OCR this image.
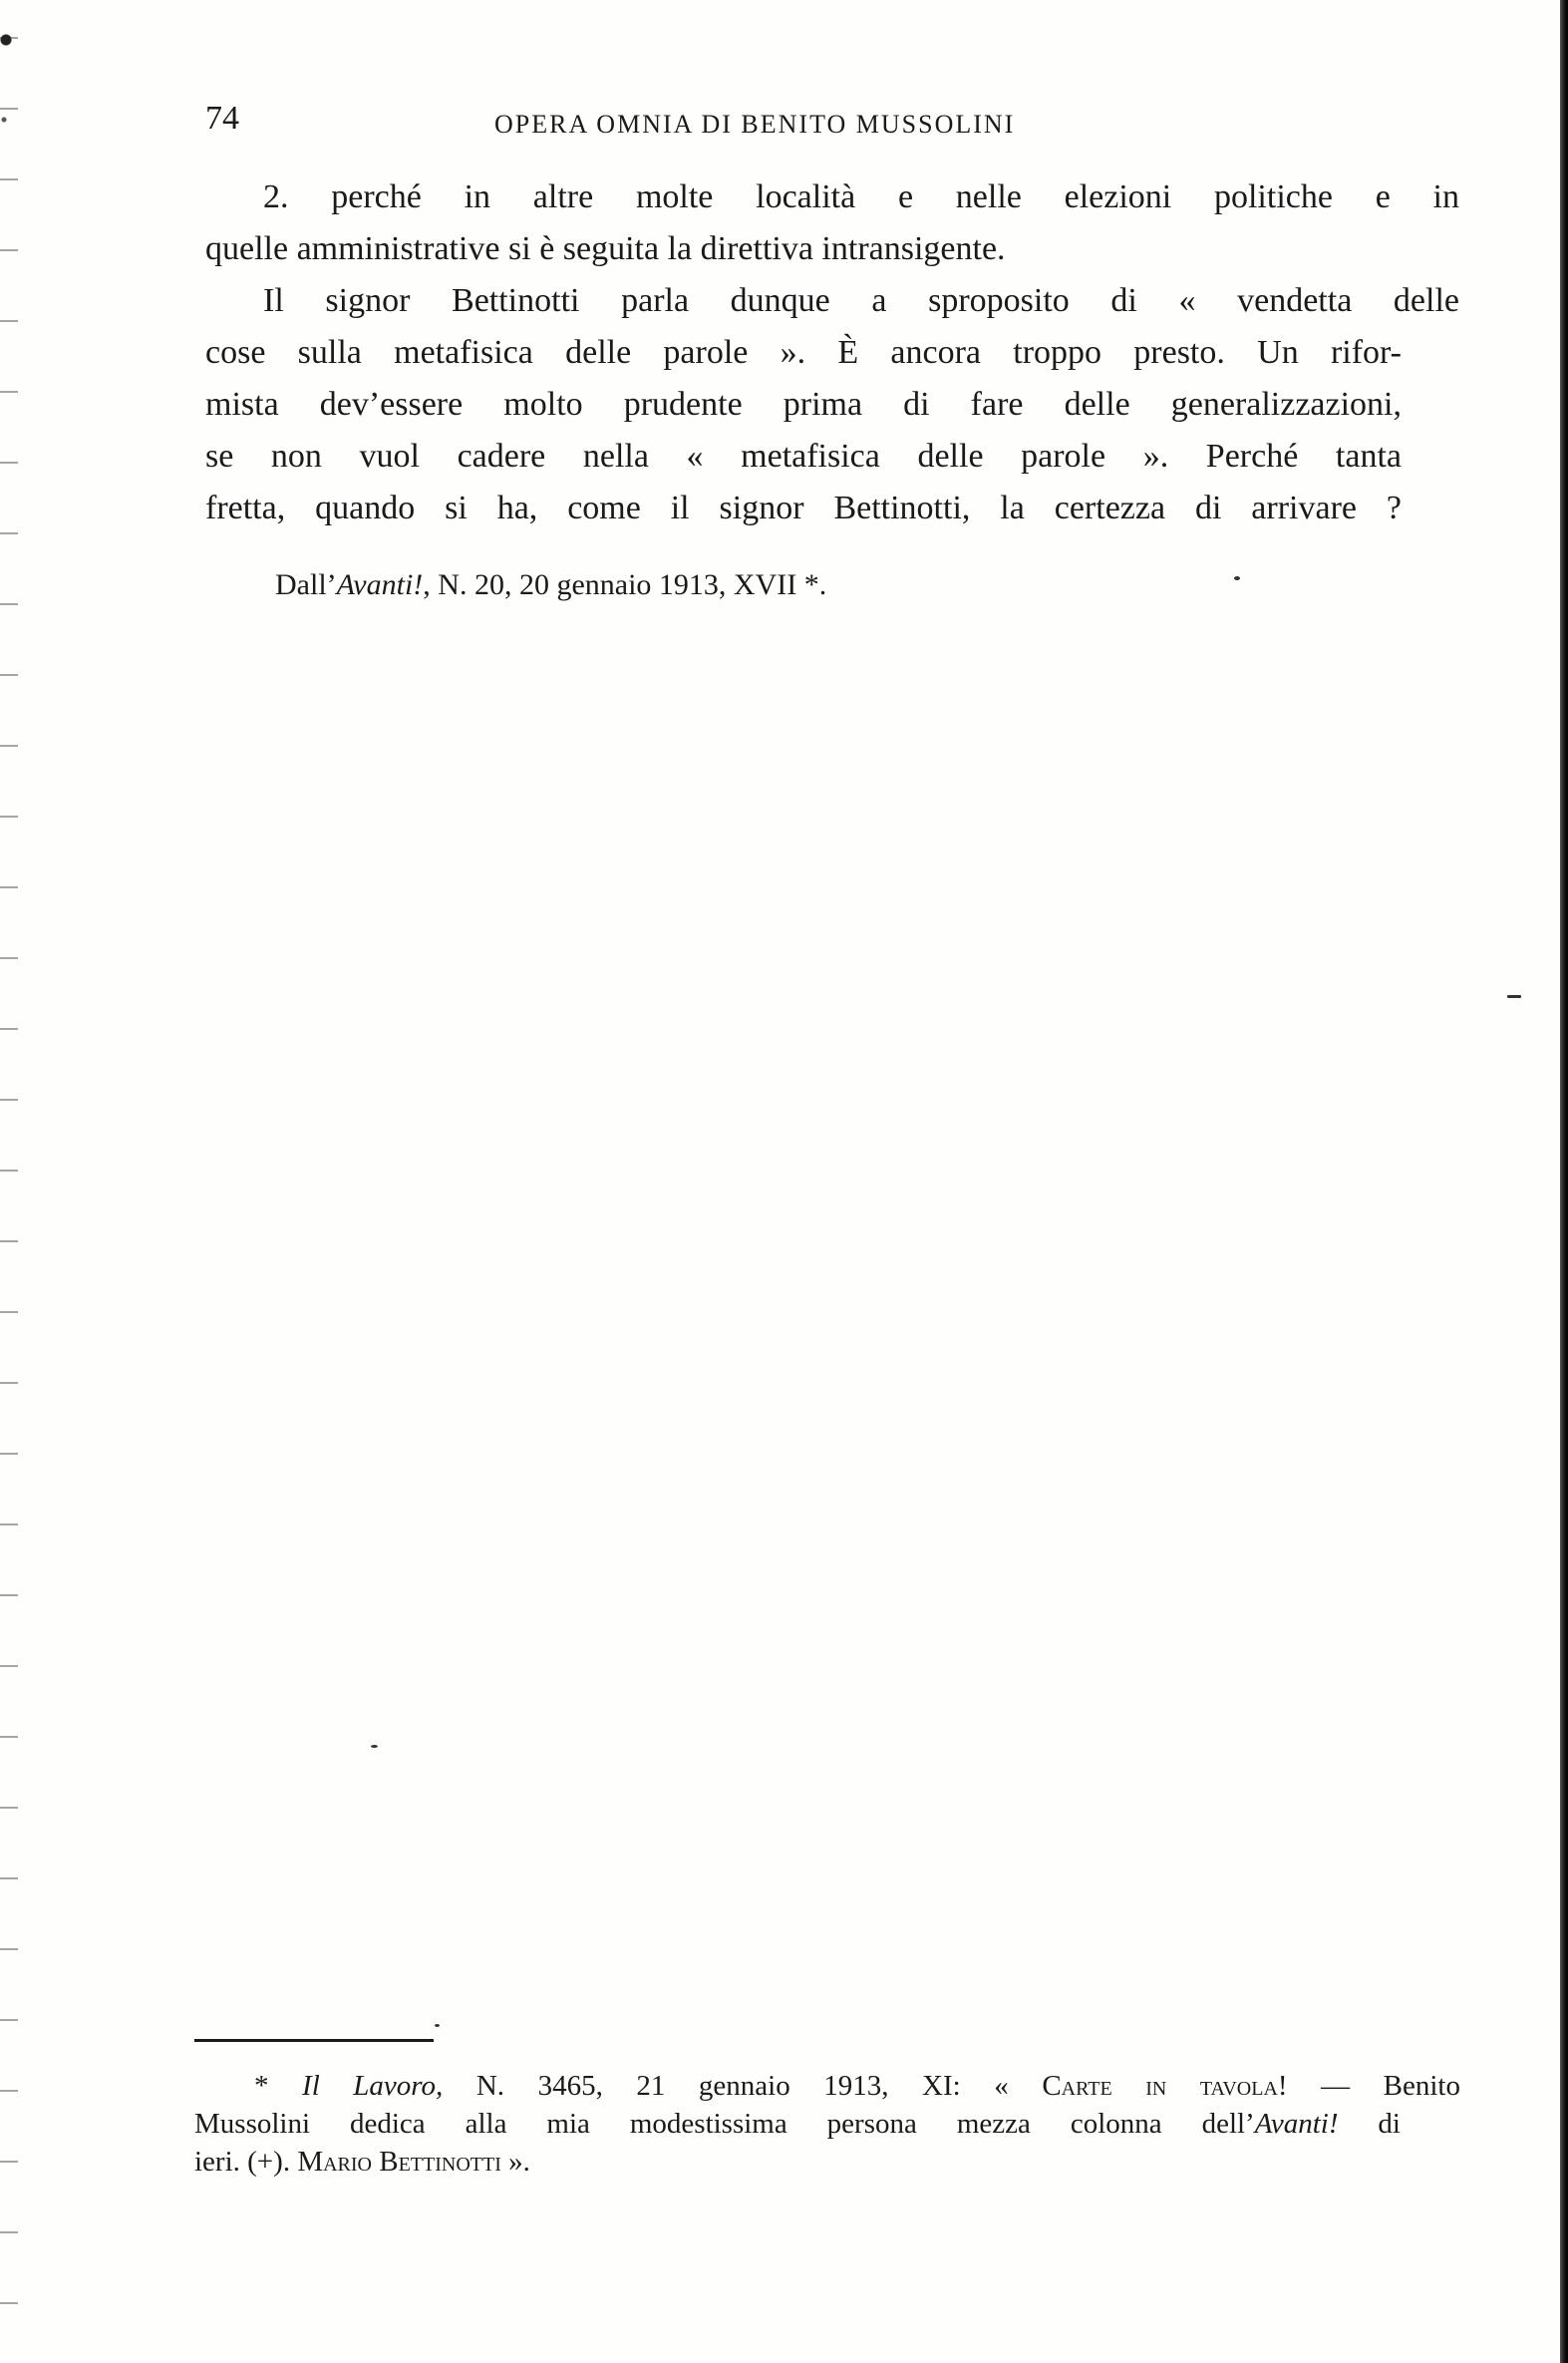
74	OPERA OMNIA DI BENITO MUSSOLINI
2. perché in altre molte località e nelle elezioni politiche e in
quelle amministrative si è seguita la direttiva intransigente.
Il signor Bettinotti parla dunque a sproposito di « vendetta delle
cose sulla metafisica delle parole ». È ancora troppo presto. Un rifor-
mista dev’essere molto prudente prima di fare delle generalizzazioni,
se non vuol cadere nella « metafisica delle parole ». Perché tanta
fretta, quando si ha, come il signor Bettinotti, la certezza di arrivare ?
Dall’Avanti!, N. 20, 20 gennaio 1913, XVII *.
* Il Lavoro, N. 3465, 21 gennaio 1913, XI: « Carte in tavola! — Benito
Mussolini dedica alla mia modestissima persona mezza colonna dell’Avanti! di
ieri. (+). Mario Bettinotti ».
